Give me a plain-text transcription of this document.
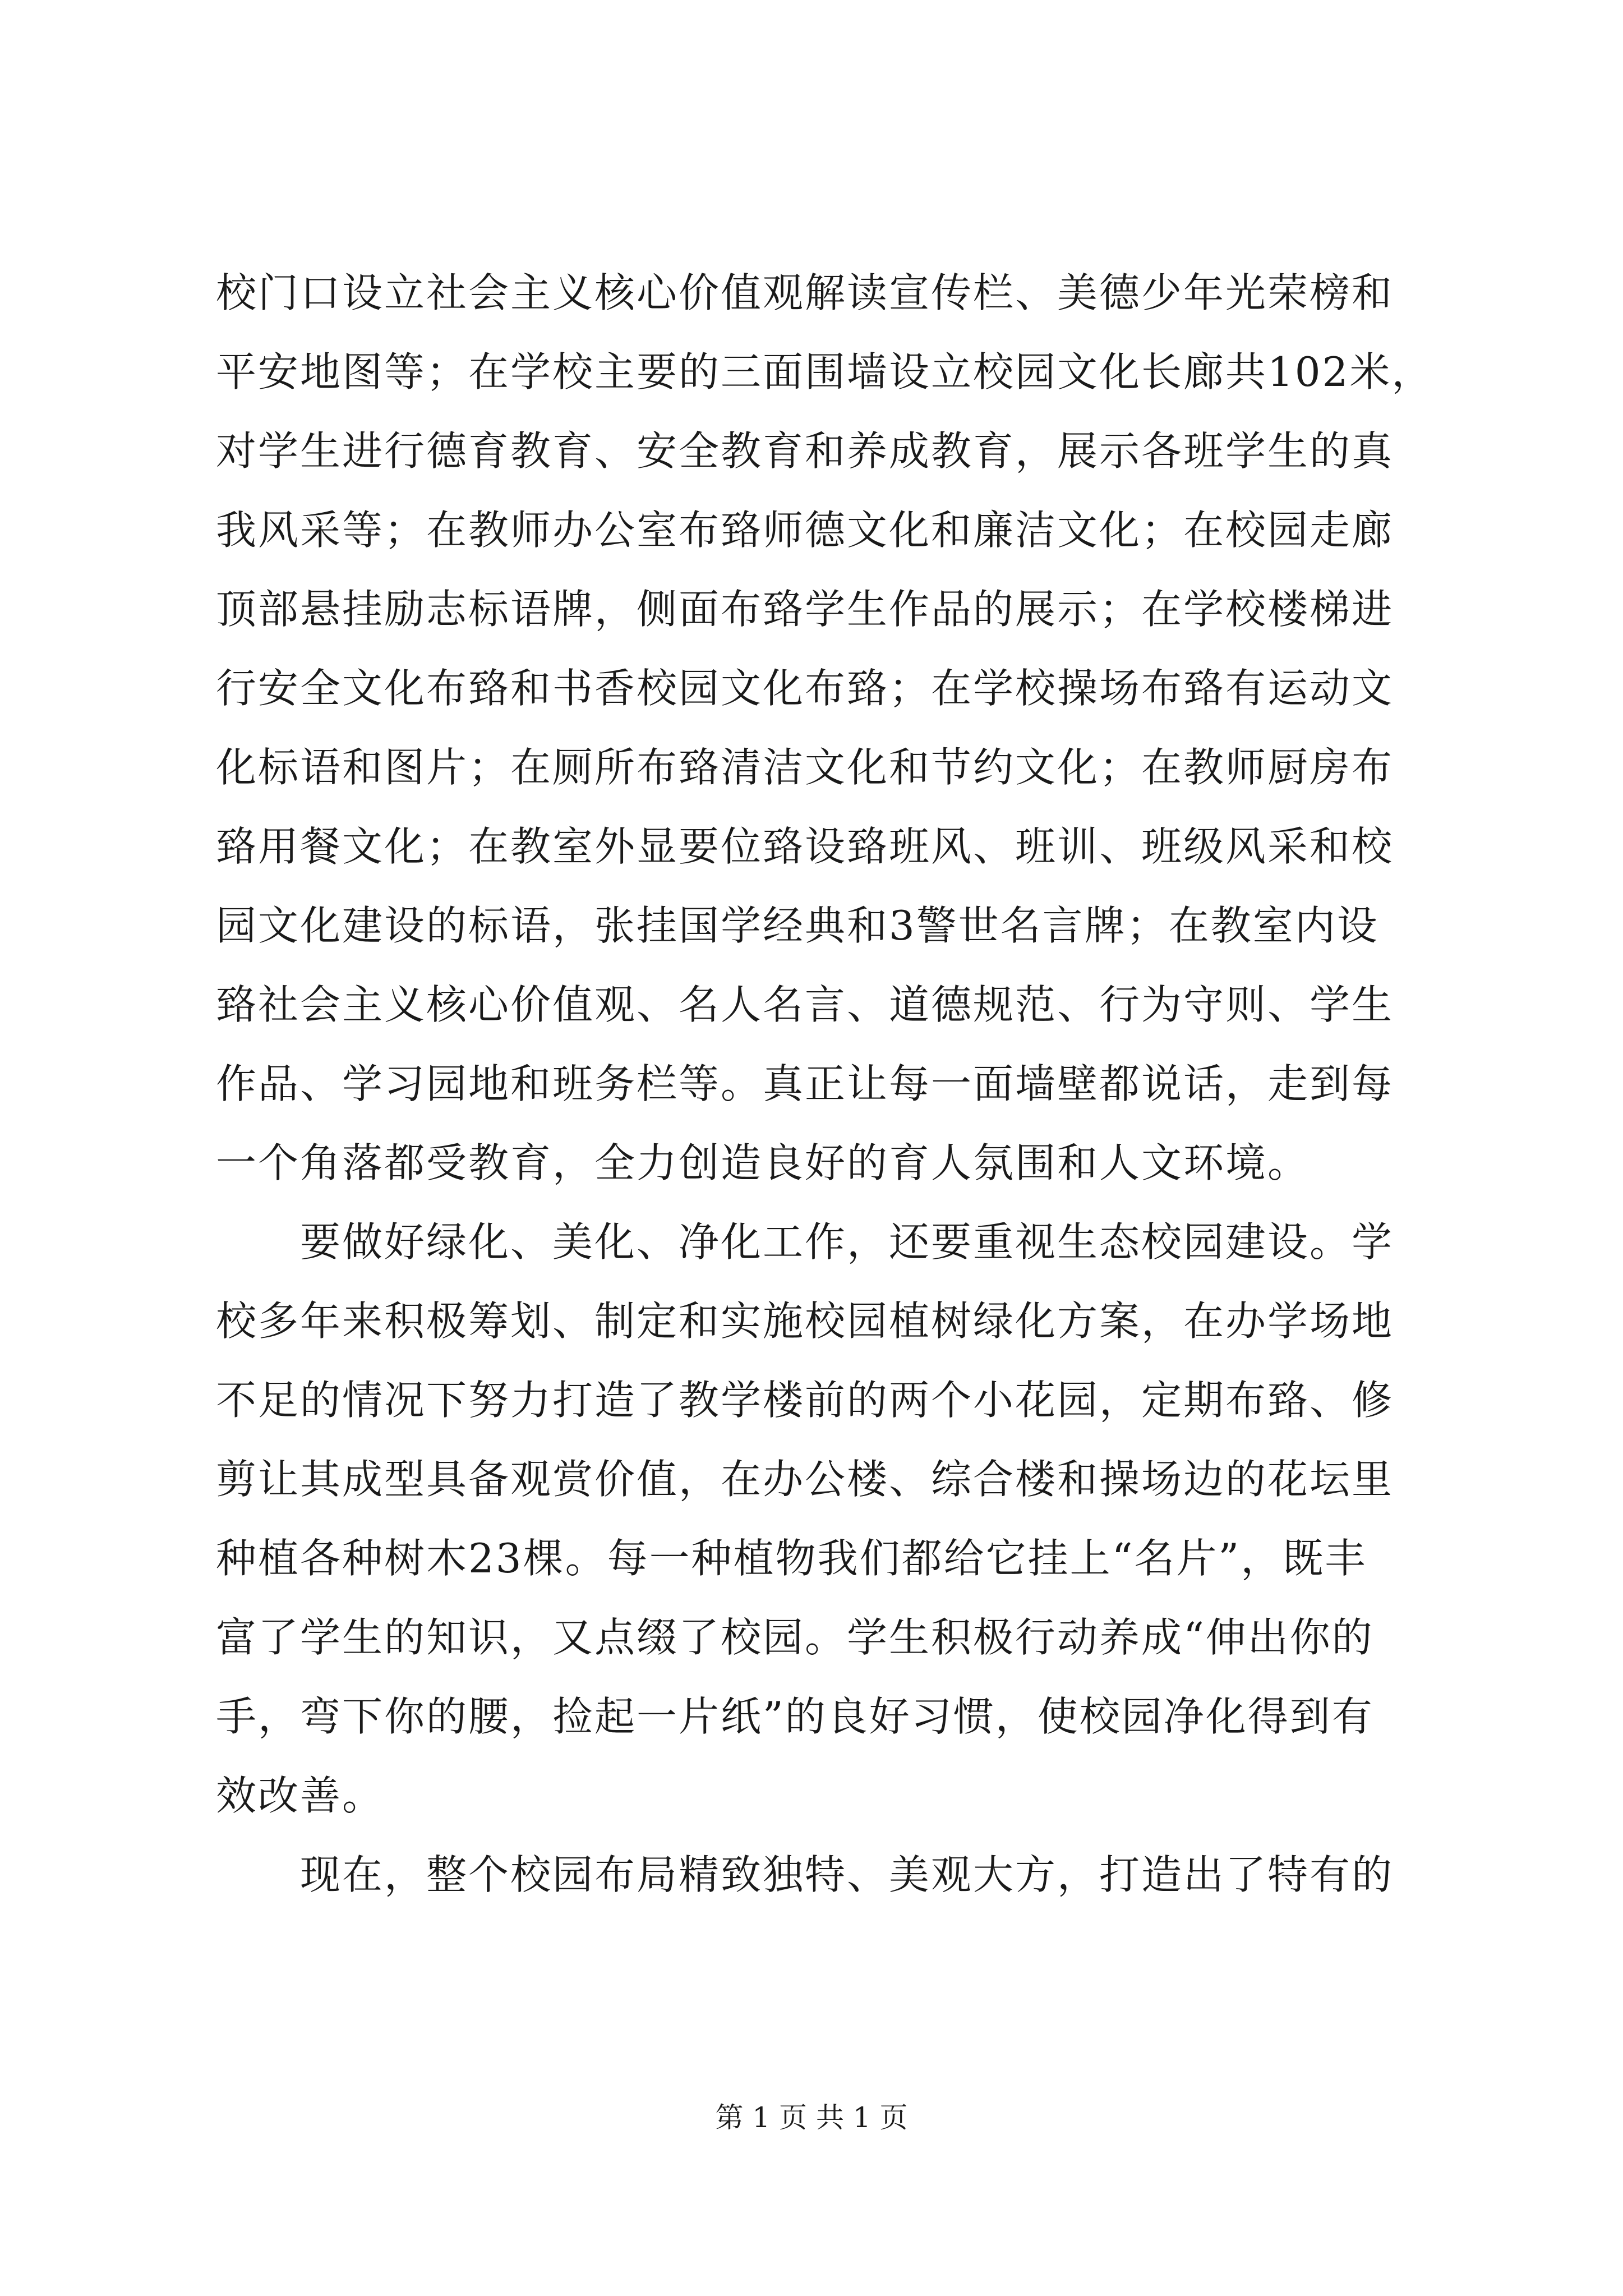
校门口设立社会主义核心价值观解读宣传栏、美德少年光荣榜和
平安地图等；在学校主要的三面围墙设立校园文化长廊共102米，
对学生进行德育教育、安全教育和养成教育，展示各班学生的真
我风采等；在教师办公室布臵师德文化和廉洁文化；在校园走廊
顶部悬挂励志标语牌，侧面布臵学生作品的展示；在学校楼梯进
行安全文化布臵和书香校园文化布臵；在学校操场布臵有运动文
化标语和图片；在厕所布臵清洁文化和节约文化；在教师厨房布
臵用餐文化；在教室外显要位臵设臵班风、班训、班级风采和校
园文化建设的标语，张挂国学经典和3警世名言牌；在教室内设
臵社会主义核心价值观、名人名言、道德规范、行为守则、学生
作品、学习园地和班务栏等。真正让每一面墙壁都说话，走到每
一个角落都受教育，全力创造良好的育人氛围和人文环境。
　　要做好绿化、美化、净化工作，还要重视生态校园建设。学
校多年来积极筹划、制定和实施校园植树绿化方案，在办学场地
不足的情况下努力打造了教学楼前的两个小花园，定期布臵、修
剪让其成型具备观赏价值，在办公楼、综合楼和操场边的花坛里
种植各种树木23棵。每一种植物我们都给它挂上“名片”，既丰
富了学生的知识，又点缀了校园。学生积极行动养成“伸出你的
手，弯下你的腰，捡起一片纸”的良好习惯，使校园净化得到有
效改善。
　　现在，整个校园布局精致独特、美观大方，打造出了特有的
第 1 页 共 1 页
